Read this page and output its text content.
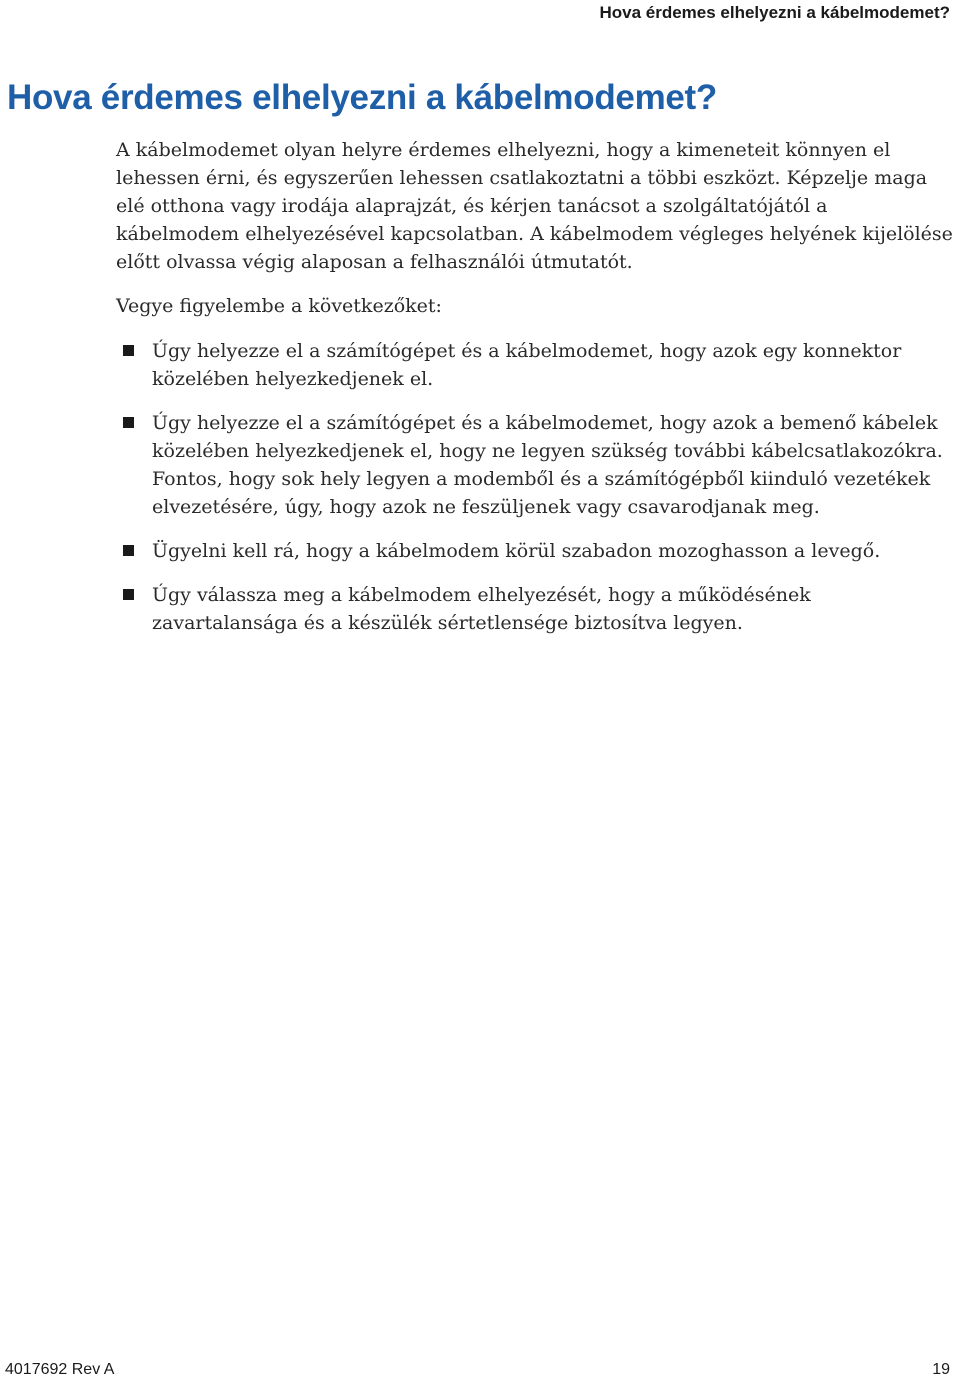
Hova érdemes elhelyezni a kábelmodemet?
Hova érdemes elhelyezni a kábelmodemet?

A kábelmodemet olyan helyre érdemes elhelyezni, hogy a kimeneteit könnyen el lehessen érni, és egyszerűen lehessen csatlakoztatni a többi eszközt. Képzelje maga elé otthona vagy irodája alaprajzát, és kérjen tanácsot a szolgáltatójától a kábelmodem elhelyezésével kapcsolatban. A kábelmodem végleges helyének kijelölése előtt olvassa végig alaposan a felhasználói útmutatót.

Vegye figyelembe a következőket:

Úgy helyezze el a számítógépet és a kábelmodemet, hogy azok egy konnektor közelében helyezkedjenek el.
Úgy helyezze el a számítógépet és a kábelmodemet, hogy azok a bemenő kábelek közelében helyezkedjenek el, hogy ne legyen szükség további kábelcsatlakozókra. Fontos, hogy sok hely legyen a modemből és a számítógépből kiinduló vezetékek elvezetésére, úgy, hogy azok ne feszüljenek vagy csavarodjanak meg.
Ügyelni kell rá, hogy a kábelmodem körül szabadon mozoghasson a levegő.
Úgy válassza meg a kábelmodem elhelyezését, hogy a működésének zavartalansága és a készülék sértetlensége biztosítva legyen.
4017692 Rev A	19
